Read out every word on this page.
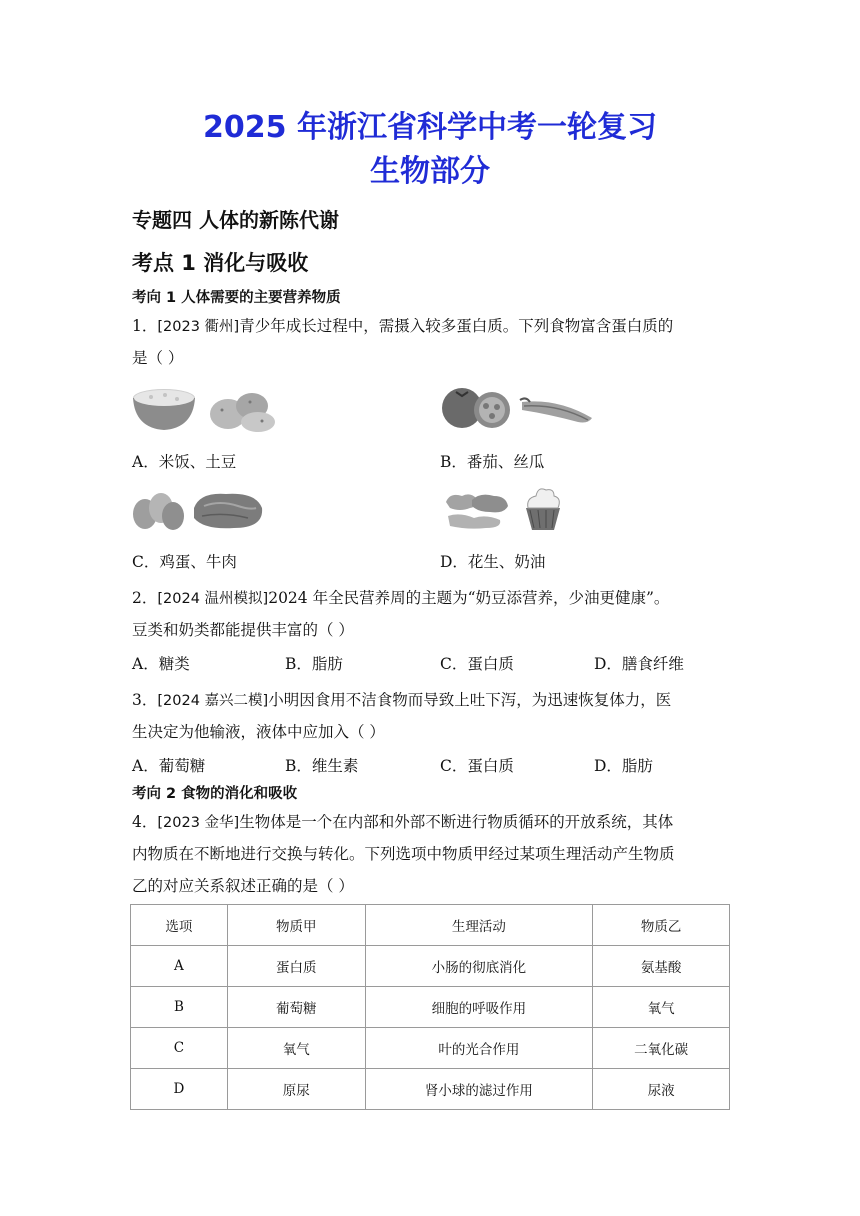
2025 年浙江省科学中考一轮复习
生物部分
专题四 人体的新陈代谢
考点 1 消化与吸收
考向 1 人体需要的主要营养物质
1．[2023 衢州]青少年成长过程中，需摄入较多蛋白质。下列食物富含蛋白质的
是（ ）
A．米饭、土豆	B．番茄、丝瓜
C．鸡蛋、牛肉	D．花生、奶油
2．[2024 温州模拟]2024 年全民营养周的主题为“奶豆添营养，少油更健康”。
豆类和奶类都能提供丰富的（ ）
A．糖类	B．脂肪	C．蛋白质	D．膳食纤维
3．[2024 嘉兴二模]小明因食用不洁食物而导致上吐下泻，为迅速恢复体力，医
生决定为他输液，液体中应加入（ ）
A．葡萄糖	B．维生素	C．蛋白质	D．脂肪
考向 2 食物的消化和吸收
4．[2023 金华]生物体是一个在内部和外部不断进行物质循环的开放系统，其体
内物质在不断地进行交换与转化。下列选项中物质甲经过某项生理活动产生物质
乙的对应关系叙述正确的是（ ）
选项	物质甲	生理活动	物质乙
A	蛋白质	小肠的彻底消化	氨基酸
B	葡萄糖	细胞的呼吸作用	氧气
C	氧气	叶的光合作用	二氧化碳
D	原尿	肾小球的滤过作用	尿液
